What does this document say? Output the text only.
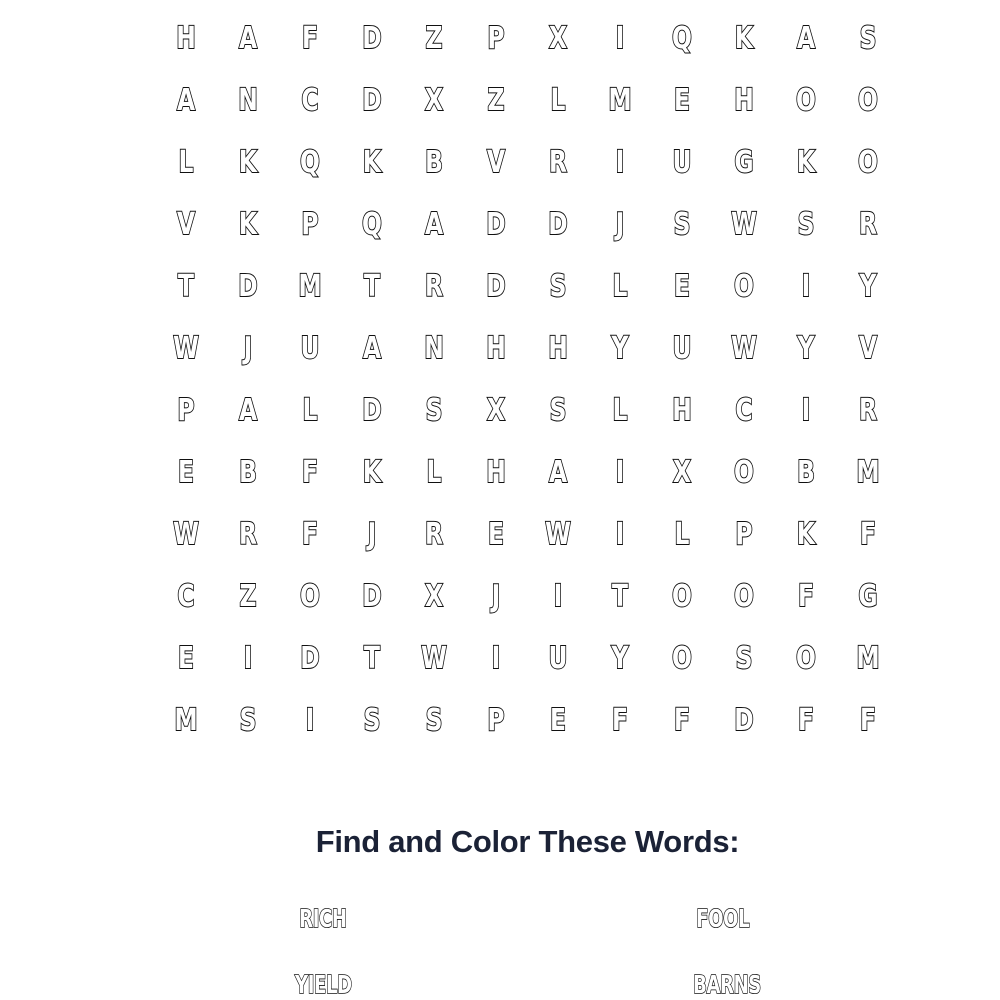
H	A	F	D	Z	P	X	I	Q	K	A	S
A	N	C	D	X	Z	L	M	E	H	O	O
L	K	Q	K	B	V	R	I	U	G	K	O
V	K	P	Q	A	D	D	J	S	W	S	R
T	D	M	T	R	D	S	L	E	O	I	Y
W	J	U	A	N	H	H	Y	U	W	Y	V
P	A	L	D	S	X	S	L	H	C	I	R
E	B	F	K	L	H	A	I	X	O	B	M
W	R	F	J	R	E	W	I	L	P	K	F
C	Z	O	D	X	J	I	T	O	O	F	G
E	I	D	T	W	I	U	Y	O	S	O	M
M	S	I	S	S	P	E	F	F	D	F	F
Find and Color These Words:
RICH	FOOL
YIELD	BARNS
